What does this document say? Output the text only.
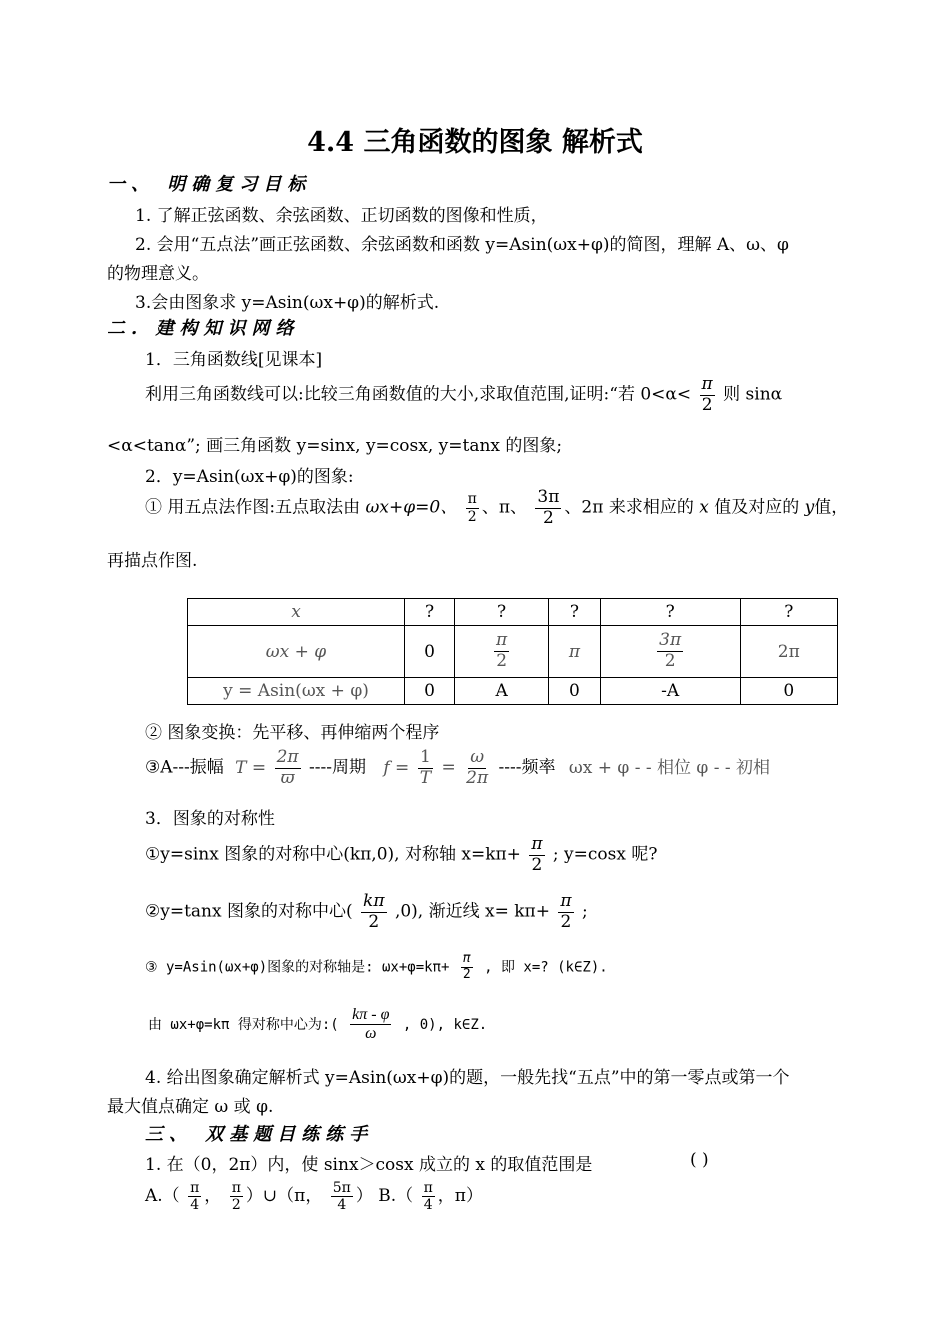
4.4 三角函数的图象 解析式
一、 明确复习目标
1. 了解正弦函数、余弦函数、正切函数的图像和性质，
2. 会用“五点法”画正弦函数、余弦函数和函数 y=Asin(ωx+φ)的简图，理解 A、ω、φ
的物理意义。
3.会由图象求 y=Asin(ωx+φ)的解析式.
二. 建构知识网络
1．三角函数线[见课本]
利用三角函数线可以:比较三角函数值的大小,求取值范围,证明:“若 $0<\alpha< \frac{\pi}{2}$ 则 sinα
<α<tanα”; 画三角函数 y=sinx, y=cosx, y=tanx 的图象;
2．y=Asin(ωx+φ)的图象:
① 用五点法作图:五点取法由 ωx+φ=0、 $\frac{\pi}{2}$ 、π、 $\frac{3\pi}{2}$ 、2π 来求相应的 x 值及对应的 y值，
再描点作图.
x	?	?	?	?	?
ωx + φ	0	$\frac{\pi}{2}$	π	$\frac{3\pi}{2}$	2π
y = Asin(ωx + φ)	0	A	0	-A	0
② 图象变换：先平移、再伸缩两个程序
③A---振幅 $T = \frac{2\pi}{ϖ}$ ----周期 $f = \frac{1}{T} = \frac{\omega}{2\pi}$ ----频率 ωx + φ - - 相位 φ - - 初相
3．图象的对称性
①y=sinx 图象的对称中心(kπ,0), 对称轴 $x=k\pi+ \frac{\pi}{2}$ ; y=cosx 呢?
②y=tanx 图象的对称中心( $\frac{k\pi}{2} ,0$), 渐近线 $x= k\pi+ \frac{\pi}{2}$ ;
③ y=Asin(ωx+φ)图象的对称轴是: $\omega x+\varphi=k\pi+ \frac{\pi}{2}$ , 即 x=? (k∈Z).
由 ωx+φ=kπ 得对称中心为:( $\frac{k\pi - \varphi}{\omega}$ , 0), k∈Z.
4. 给出图象确定解析式 y=Asin(ωx+φ)的题，一般先找“五点”中的第一零点或第一个
最大值点确定 ω 或 φ.
三、 双基题目练练手
1. 在（0，2π）内，使 sinx＞cosx 成立的 x 的取值范围是	( )
$A.( \frac{\pi}{4}$ ， $\frac{\pi}{2}$ ）∪（π， $\frac{5\pi}{4}$ ） $B.( \frac{\pi}{4}$ ，π）
